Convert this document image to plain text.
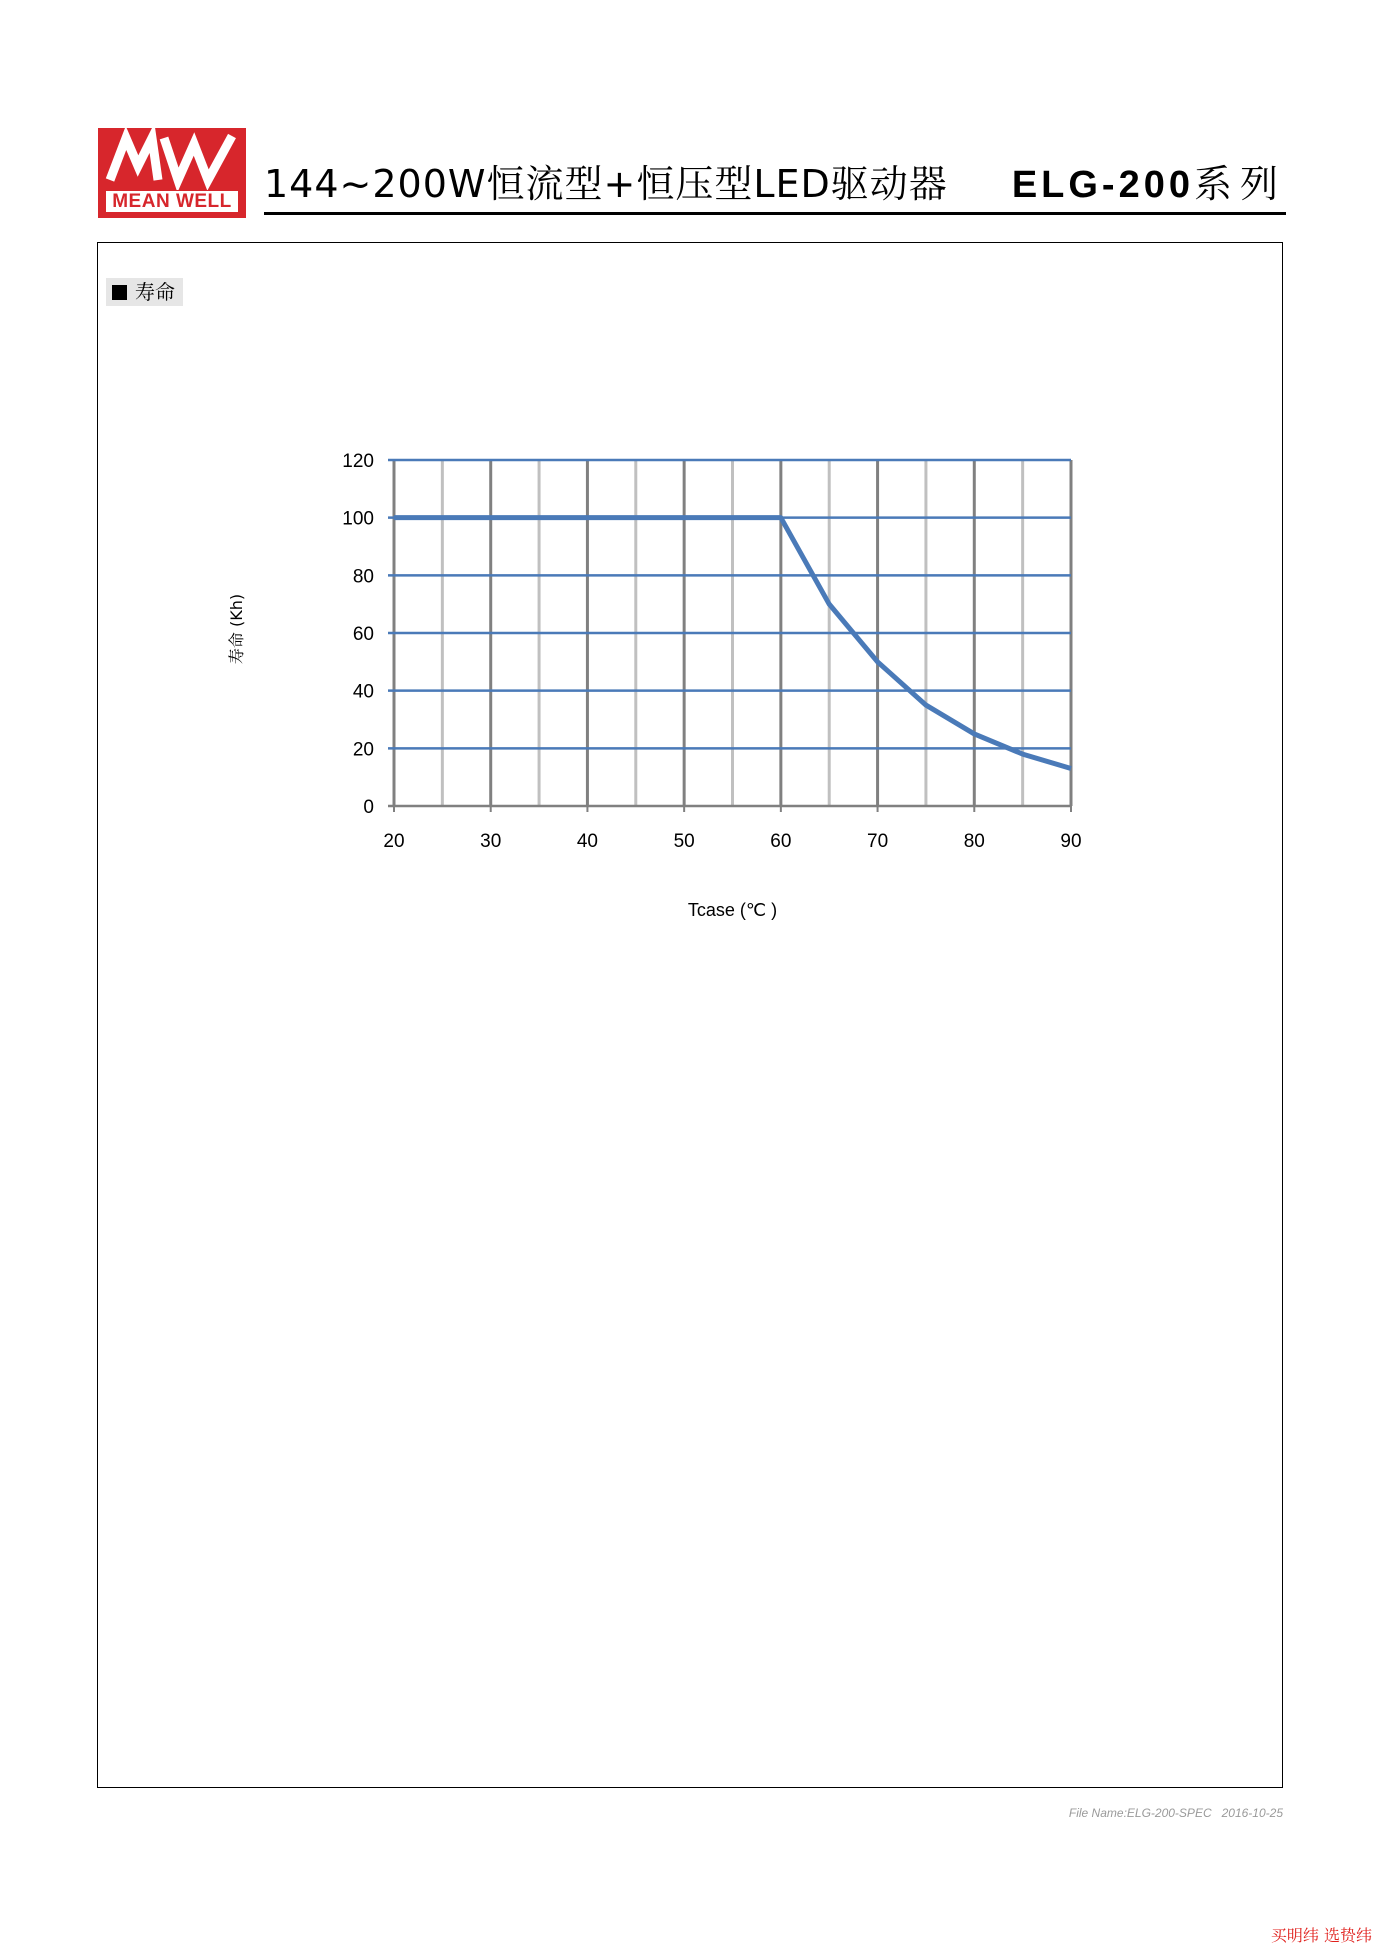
MEAN WELL 144~200W恒流型+恒压型LED驱动器 ELG-200系列
寿命
0
20
40
60
80
100
120
20	30	40	50	60	70	80	90
Tcase (℃ )
寿命 (Kh)
File Name:ELG-200-SPEC 2016-10-25
买明纬 选贽纬
